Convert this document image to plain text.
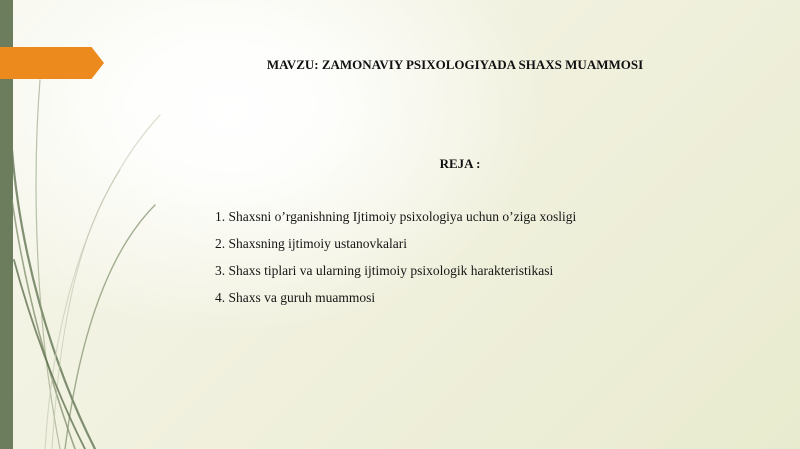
MAVZU: ZAMONAVIY PSIXOLOGIYADA SHAXS MUAMMOSI
REJA :
1. Shaxsni o’rganishning Ijtimoiy psixologiya uchun o’ziga xosligi
2. Shaxsning ijtimoiy ustanovkalari
3. Shaxs tiplari va ularning ijtimoiy psixologik harakteristikasi
4. Shaxs va guruh muammosi
